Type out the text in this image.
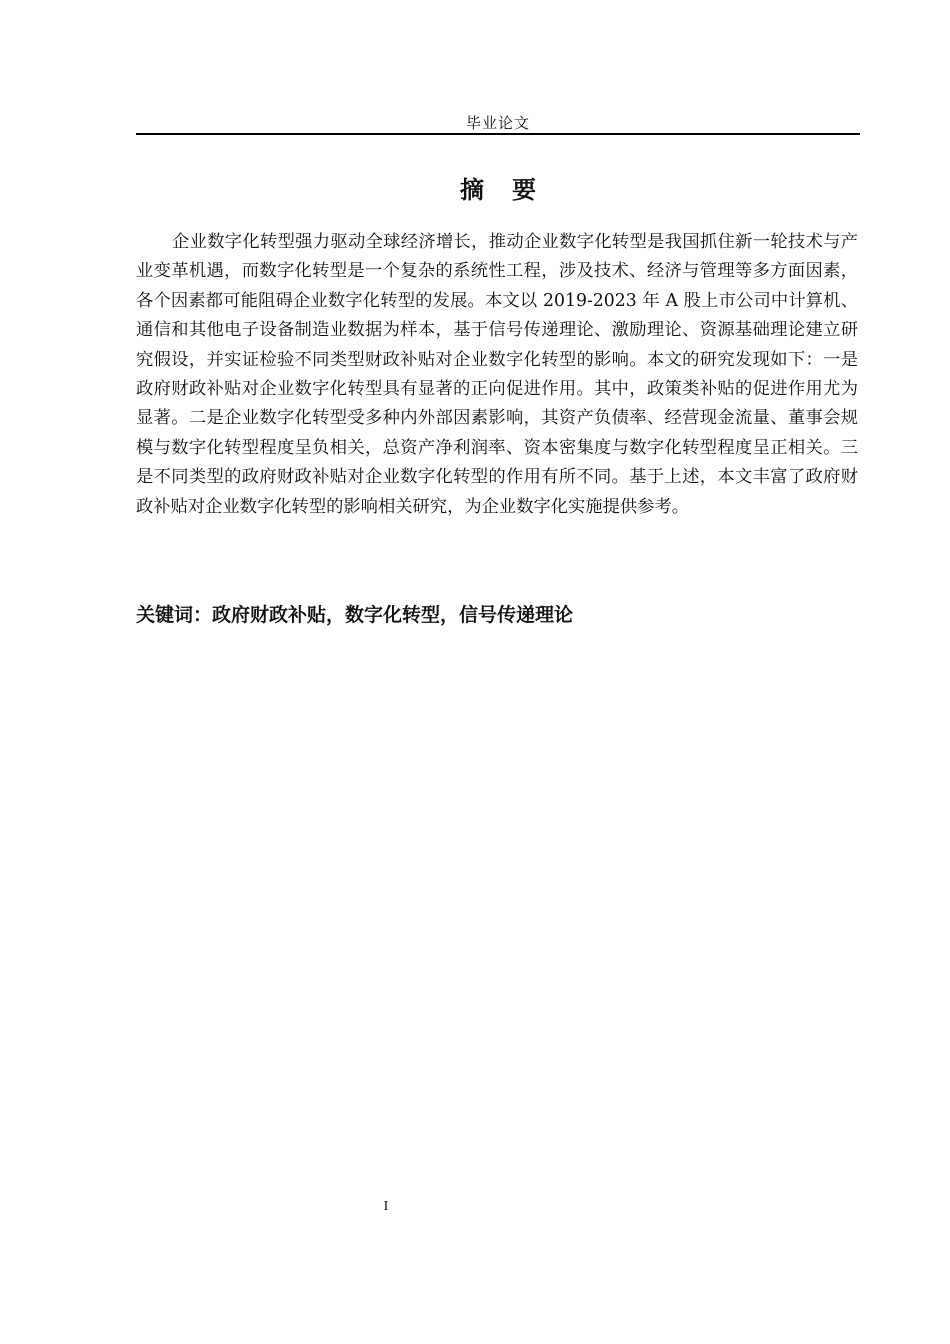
毕业论文
摘要

企业数字化转型强力驱动全球经济增长，推动企业数字化转型是我国抓住新一轮技术与产业变革机遇，而数字化转型是一个复杂的系统性工程，涉及技术、经济与管理等多方面因素，各个因素都可能阻碍企业数字化转型的发展。本文以 2019-2023 年 A 股上市公司中计算机、通信和其他电子设备制造业数据为样本，基于信号传递理论、激励理论、资源基础理论建立研究假设，并实证检验不同类型财政补贴对企业数字化转型的影响。本文的研究发现如下：一是政府财政补贴对企业数字化转型具有显著的正向促进作用。其中，政策类补贴的促进作用尤为显著。二是企业数字化转型受多种内外部因素影响，其资产负债率、经营现金流量、董事会规模与数字化转型程度呈负相关，总资产净利润率、资本密集度与数字化转型程度呈正相关。三是不同类型的政府财政补贴对企业数字化转型的作用有所不同。基于上述，本文丰富了政府财政补贴对企业数字化转型的影响相关研究，为企业数字化实施提供参考。

关键词：政府财政补贴，数字化转型，信号传递理论

I
